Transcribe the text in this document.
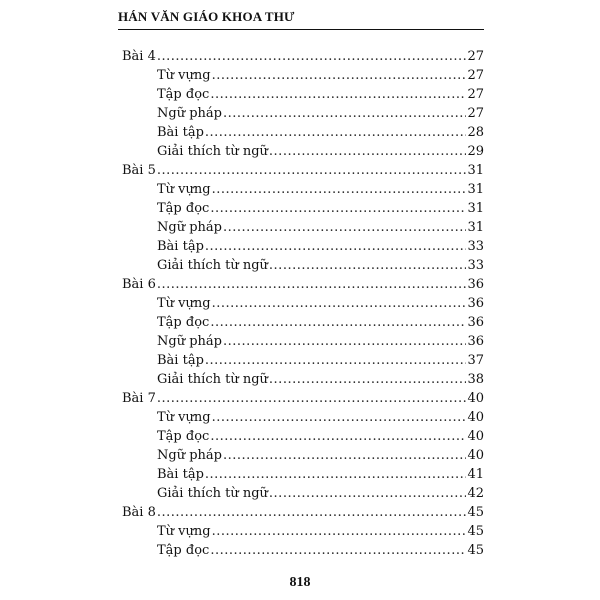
HÁN VĂN GIÁO KHOA THƯ
Bài 4 .....	27
Từ vựng .....	27
Tập đọc .....	27
Ngữ pháp .....	27
Bài tập .....	28
Giải thích từ ngữ .....	29
Bài 5 .....	31
Từ vựng .....	31
Tập đọc .....	31
Ngữ pháp .....	31
Bài tập .....	33
Giải thích từ ngữ .....	33
Bài 6 .....	36
Từ vựng .....	36
Tập đọc .....	36
Ngữ pháp .....	36
Bài tập .....	37
Giải thích từ ngữ .....	38
Bài 7 .....	40
Từ vựng .....	40
Tập đọc .....	40
Ngữ pháp .....	40
Bài tập .....	41
Giải thích từ ngữ .....	42
Bài 8 .....	45
Từ vựng .....	45
Tập đọc .....	45
818
